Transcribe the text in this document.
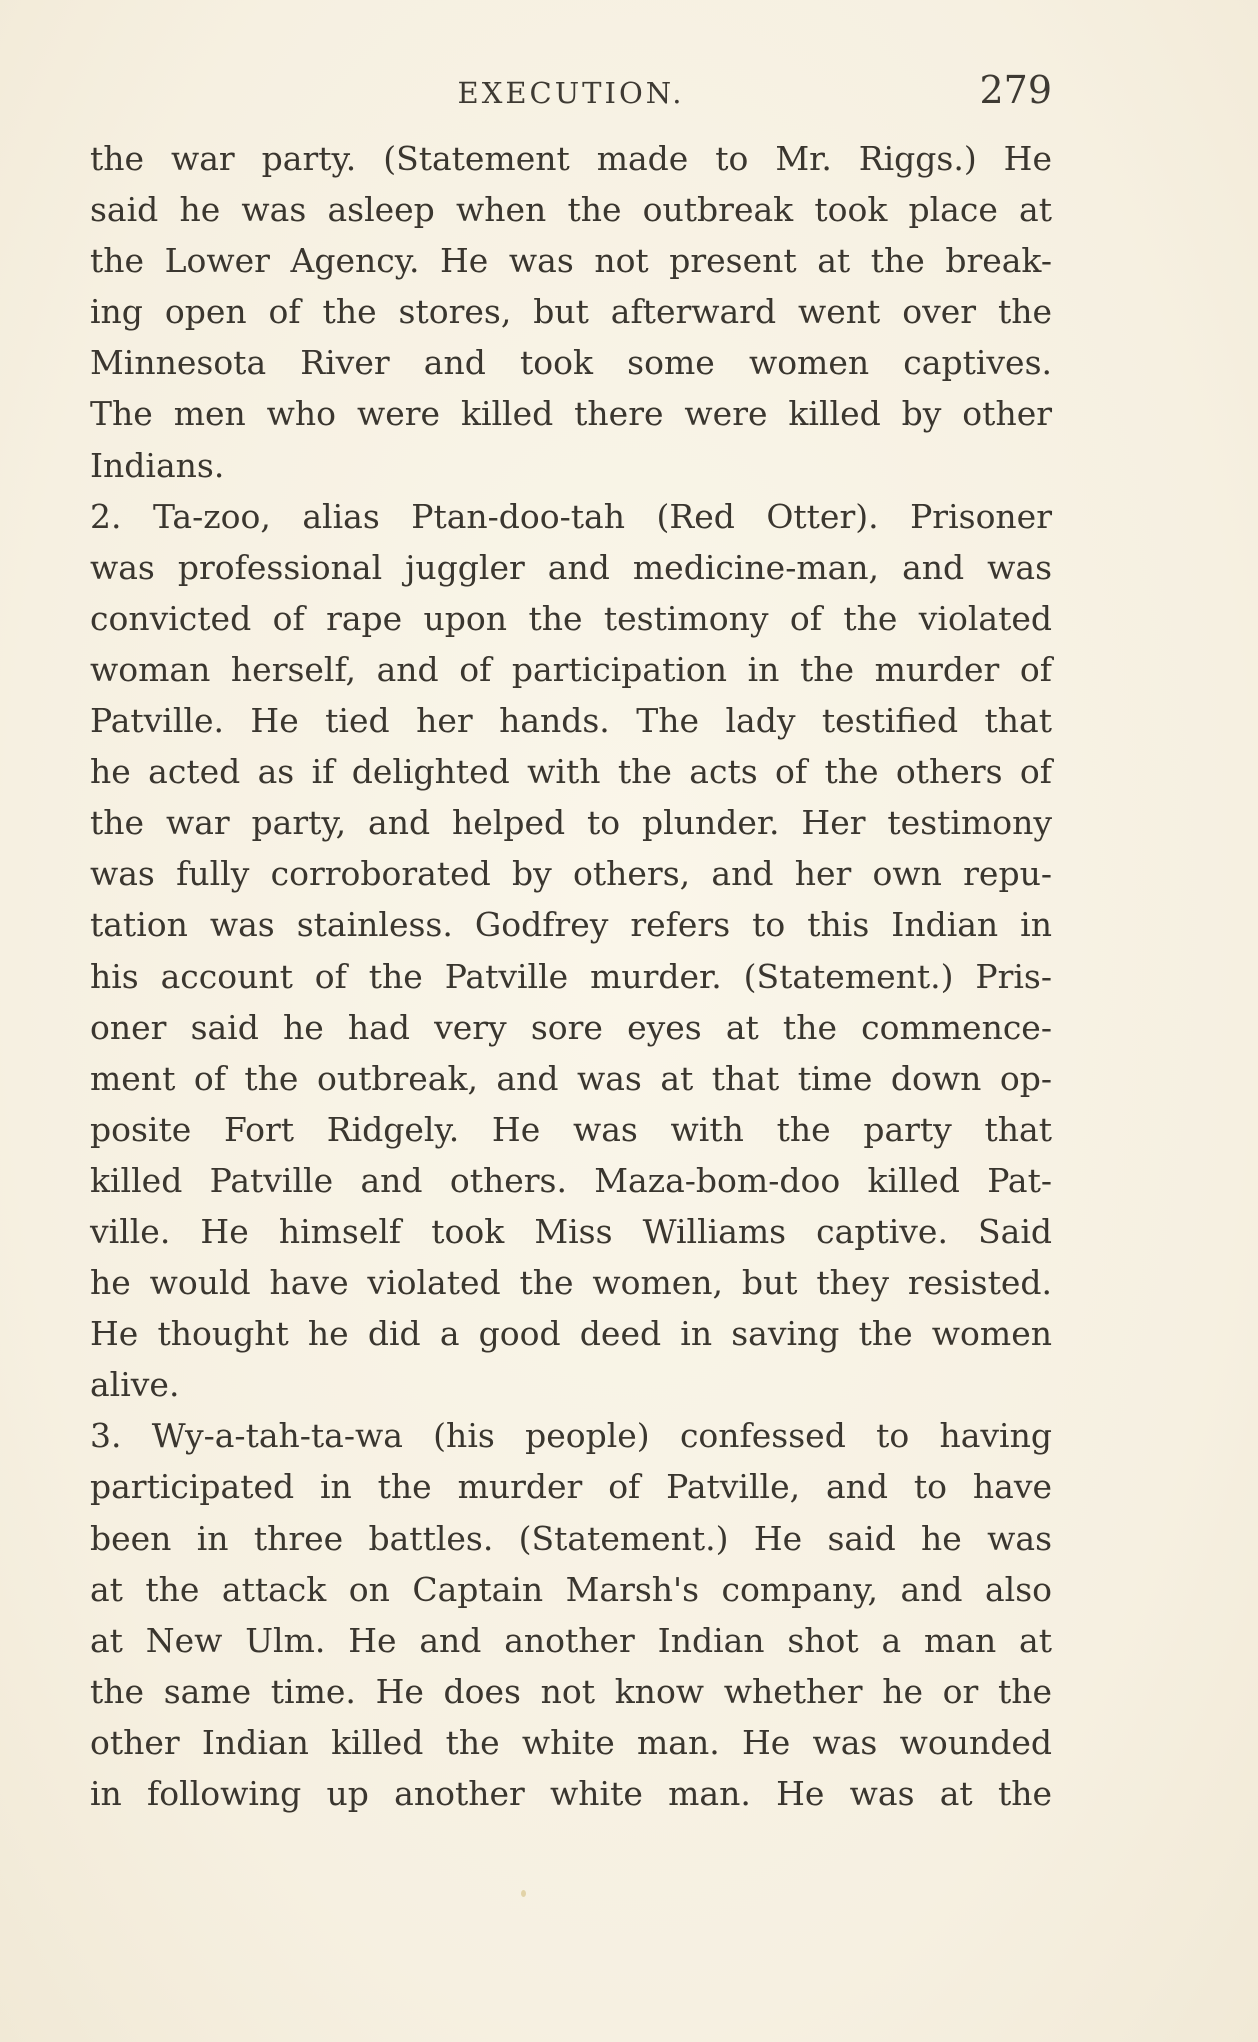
EXECUTION.	279
the war party. (Statement made to Mr. Riggs.) He
said he was asleep when the outbreak took place at
the Lower Agency. He was not present at the break-
ing open of the stores, but afterward went over the
Minnesota River and took some women captives.
The men who were killed there were killed by other
Indians.
2. Ta-zoo, alias Ptan-doo-tah (Red Otter). Prisoner
was professional juggler and medicine-man, and was
convicted of rape upon the testimony of the violated
woman herself, and of participation in the murder of
Patville. He tied her hands. The lady testified that
he acted as if delighted with the acts of the others of
the war party, and helped to plunder. Her testimony
was fully corroborated by others, and her own repu-
tation was stainless. Godfrey refers to this Indian in
his account of the Patville murder. (Statement.) Pris-
oner said he had very sore eyes at the commence-
ment of the outbreak, and was at that time down op-
posite Fort Ridgely. He was with the party that
killed Patville and others. Maza-bom-doo killed Pat-
ville. He himself took Miss Williams captive. Said
he would have violated the women, but they resisted.
He thought he did a good deed in saving the women
alive.
3. Wy-a-tah-ta-wa (his people) confessed to having
participated in the murder of Patville, and to have
been in three battles. (Statement.) He said he was
at the attack on Captain Marsh's company, and also
at New Ulm. He and another Indian shot a man at
the same time. He does not know whether he or the
other Indian killed the white man. He was wounded
in following up another white man. He was at the
